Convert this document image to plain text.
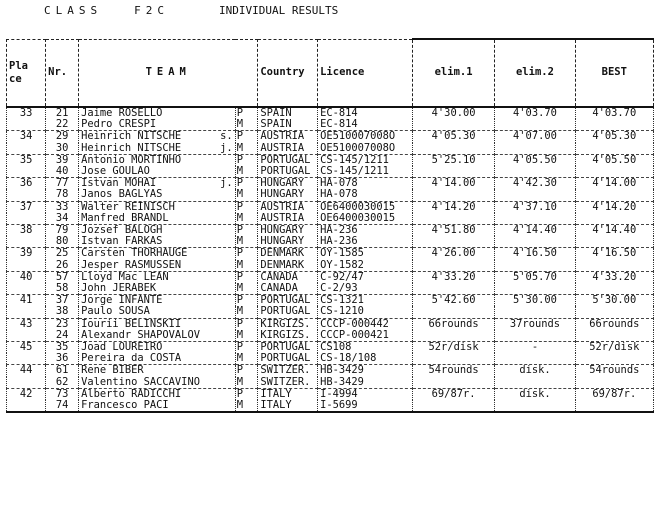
CLASS	F2C	INDIVIDUAL RESULTS
Pla
ce	Nr.	TEAM		Country	Licence	elim.1	elim.2	BEST
33	21	Jaime ROSELLO	P	SPAIN	EC-814	4'30.00	4'03.70	4'03.70
	22	Pedro CRESPI	M	SPAIN	EC-814			
34	29	Heinrich NITSCHE s.	P	AUSTRIA	OE510007008O	4'05.30	4'07.00	4'05.30
	30	Heinrich NITSCHE j.	M	AUSTRIA	OE510007008O			
35	39	Antonio MORTINHO	P	PORTUGAL	CS-145/1211	5'25.10	4'05.50	4'05.50
	40	Jose GOULAO	M	PORTUGAL	CS-145/1211			
36	77	Istvan MOHAI j.	P	HUNGARY	HA-078	4'14.00	4'42.30	4'14.00
	78	Janos BAGLYAS	M	HUNGARY	HA-078			
37	33	Walter REINISCH	P	AUSTRIA	OE6400030015	4'14.20	4'37.10	4'14.20
	34	Manfred BRANDL	M	AUSTRIA	OE6400030015			
38	79	Jozsef BALOGH	P	HUNGARY	HA-236	4'51.80	4'14.40	4'14.40
	80	Istvan FARKAS	M	HUNGARY	HA-236			
39	25	Carsten THORHAUGE	P	DENMARK	OY-1585	4'26.00	4'16.50	4'16.50
	26	Jesper RASMUSSEN	M	DENMARK	OY-1582			
40	57	Lloyd Mac LEAN	P	CANADA	C-92/47	4'33.20	5'05.70	4'33.20
	58	John JERABEK	M	CANADA	C-2/93			
41	37	Jorge INFANTE	P	PORTUGAL	CS-1321	5'42.60	5'30.00	5'30.00
	38	Paulo SOUSA	M	PORTUGAL	CS-1210			
43	23	Iourii BELINSKII	P	KIRGIZS.	CCCP-000442	66rounds	37rounds	66rounds
	24	Alexandr SHAPOVALOV	M	KIRGIZS.	CCCP-000421			
45	35	Joad LOUREIRO	P	PORTUGAL	CS108	52r/disk	-	52r/disk
	36	Pereira da COSTA	M	PORTUGAL	CS-18/108			
44	61	Rene BIBER	P	SWITZER.	HB-3429	54rounds	disk.	54rounds
	62	Valentino SACCAVINO	M	SWITZER.	HB-3429			
42	73	Alberto RADICCHI	P	ITALY	I-4994	69/87r.	disk.	69/87r.
	74	Francesco PACI	M	ITALY	I-5699			
